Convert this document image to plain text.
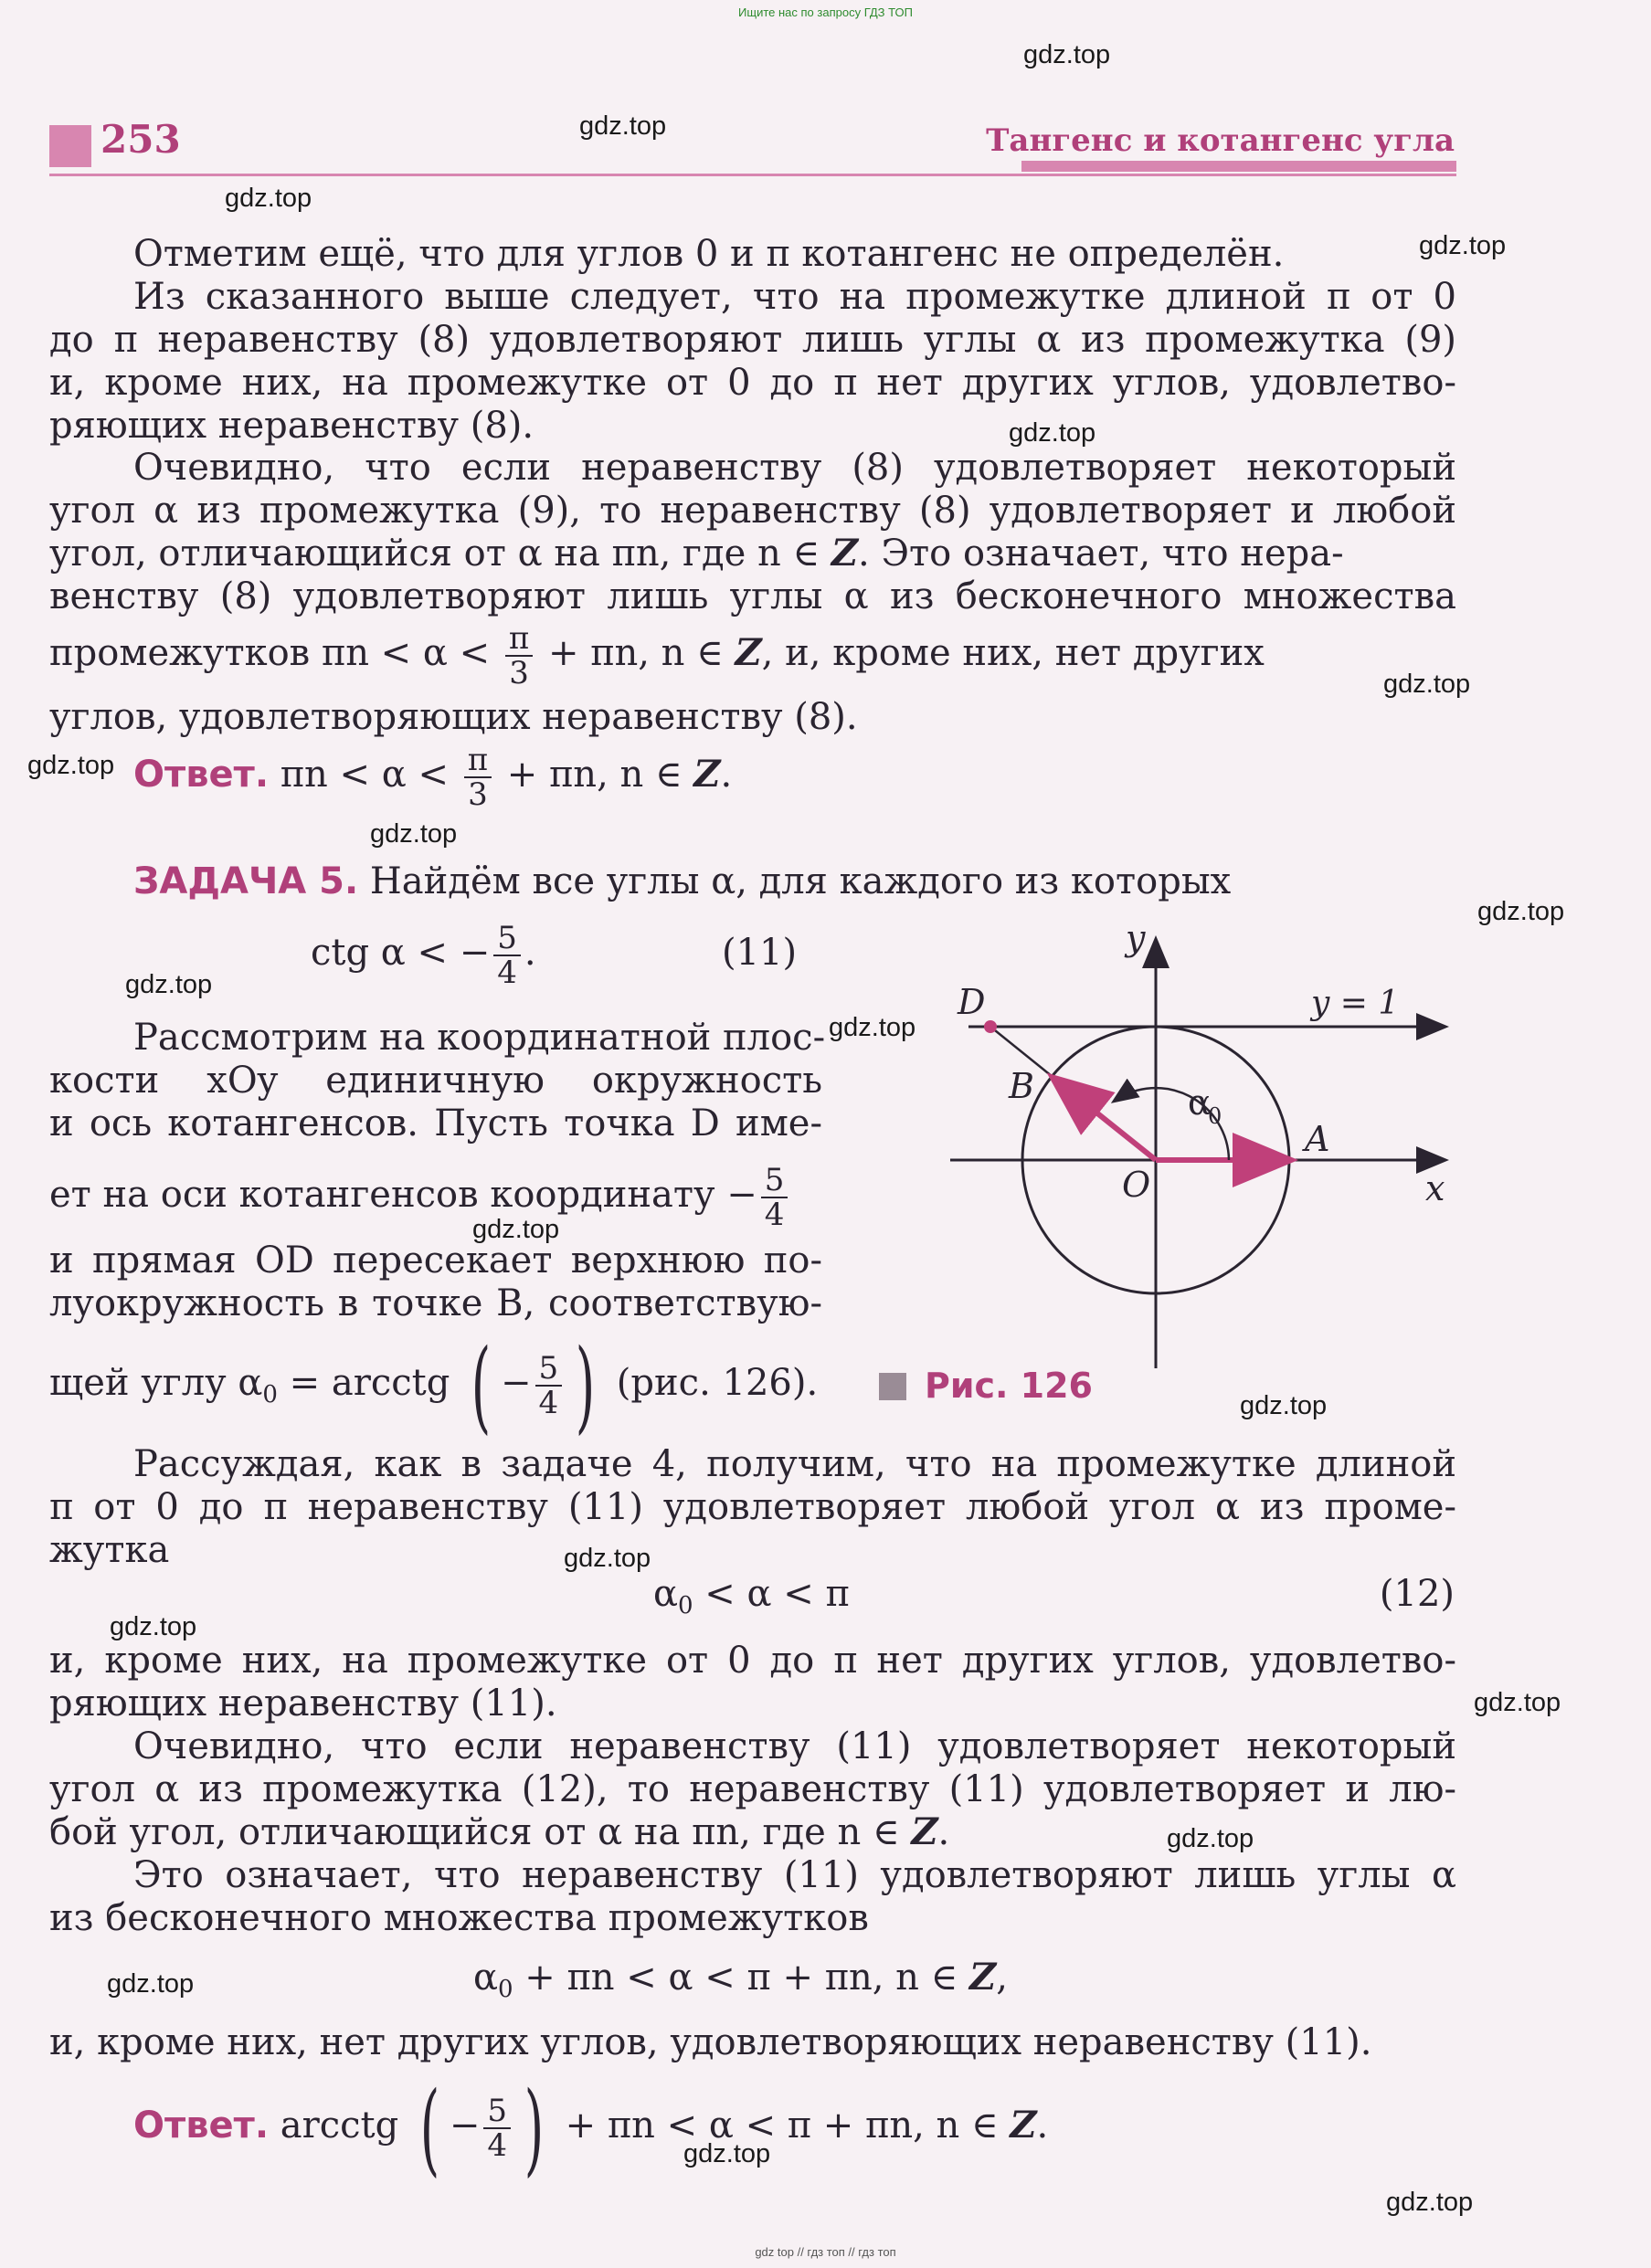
Ищите нас по запросу ГДЗ ТОП
253	Тангенс и котангенс угла
Отметим ещё, что для углов 0 и π котангенс не определён.
Из сказанного выше следует, что на промежутке длиной π от 0
до π неравенству (8) удовлетворяют лишь углы α из промежутка (9)
и, кроме них, на промежутке от 0 до π нет других углов, удовлетво-
ряющих неравенству (8).
Очевидно, что если неравенству (8) удовлетворяет некоторый
угол α из промежутка (9), то неравенству (8) удовлетворяет и любой
угол, отличающийся от α на πn, где n ∈ Z. Это означает, что нера-
венству (8) удовлетворяют лишь углы α из бесконечного множества
промежутков $\pi n < \alpha < \frac{\pi}{3} + \pi n$, n ∈ Z, и, кроме них, нет других
углов, удовлетворяющих неравенству (8).
Ответ. $\pi n < \alpha < \frac{\pi}{3} + \pi n$, n ∈ Z.
ЗАДАЧА 5. Найдём все углы α, для каждого из которых
ctg α < − $\frac{5}{4}$ .	(11)
Рассмотрим на координатной плос-
кости xOy единичную окружность
и ось котангенсов. Пусть точка D име-
ет на оси котангенсов координату − $\frac{5}{4}$
и прямая OD пересекает верхнюю по-
луокружность в точке B, соответствую-
щей углу $\alpha_0$ = arcctg ( − $\frac{5}{4}$ ) (рис. 126).
y
x
D
B
O
A
α
0
y = 1
Рис. 126
Рассуждая, как в задаче 4, получим, что на промежутке длиной
π от 0 до π неравенству (11) удовлетворяет любой угол α из проме-
жутка
$\alpha_0 < \alpha < \pi$	(12)
и, кроме них, на промежутке от 0 до π нет других углов, удовлетво-
ряющих неравенству (11).
Очевидно, что если неравенству (11) удовлетворяет некоторый
угол α из промежутка (12), то неравенству (11) удовлетворяет и лю-
бой угол, отличающийся от α на πn, где n ∈ Z.
Это означает, что неравенству (11) удовлетворяют лишь углы α
из бесконечного множества промежутков
$\alpha_0 + \pi n < \alpha < \pi + \pi n$, n ∈ Z,
и, кроме них, нет других углов, удовлетворяющих неравенству (11).
Ответ. arcctg ( − $\frac{5}{4}$ ) + πn < α < π + πn, n ∈ Z.
gdz.top
gdz.top
gdz.top
gdz.top
gdz.top
gdz.top
gdz.top
gdz.top
gdz.top
gdz.top
gdz.top
gdz.top
gdz.top
gdz.top
gdz.top
gdz.top
gdz.top
gdz.top
gdz.top
gdz.top
gdz top // гдз топ // гдз топ
